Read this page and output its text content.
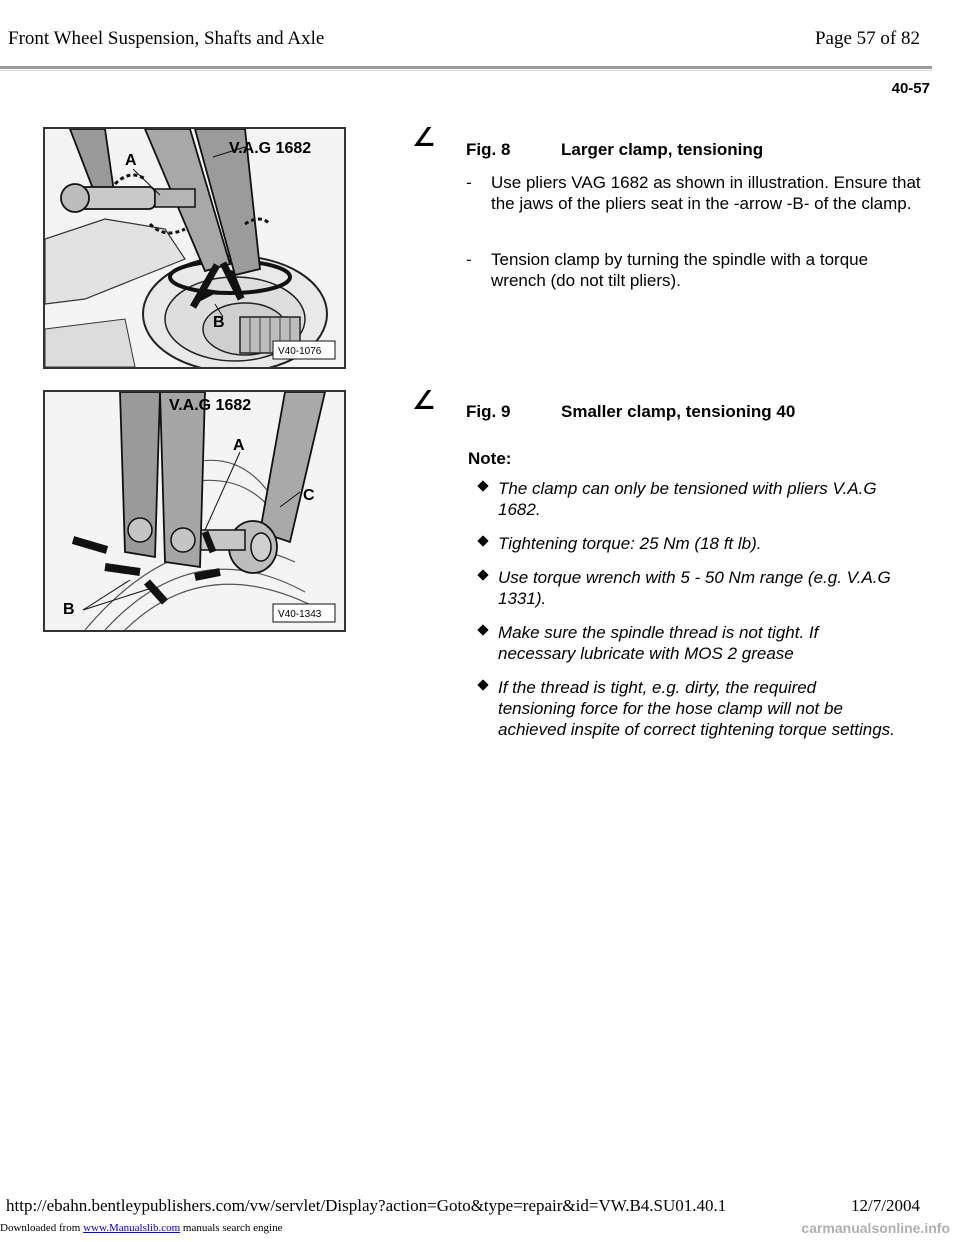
Front Wheel Suspension, Shafts and Axle	Page 57 of 82
40-57
V.A.G 1682
A
B
V40-1076
∠ Fig. 8	Larger clamp, tensioning
- Use pliers VAG 1682 as shown in illustration. Ensure that the jaws of the pliers seat in the -arrow -B- of the clamp.
- Tension clamp by turning the spindle with a torque wrench (do not tilt pliers).
V.A.G 1682
A
B
C
V40-1343
∠ Fig. 9	Smaller clamp, tensioning 40
Note:
The clamp can only be tensioned with pliers V.A.G 1682.
Tightening torque: 25 Nm (18 ft lb).
Use torque wrench with 5 - 50 Nm range (e.g. V.A.G 1331).
Make sure the spindle thread is not tight. If necessary lubricate with MOS 2 grease
If the thread is tight, e.g. dirty, the required tensioning force for the hose clamp will not be achieved inspite of correct tightening torque settings.
http://ebahn.bentleypublishers.com/vw/servlet/Display?action=Goto&type=repair&id=VW.B4.SU01.40.1	12/7/2004
Downloaded from www.Manualslib.com manuals search engine	carmanualsonline.info
